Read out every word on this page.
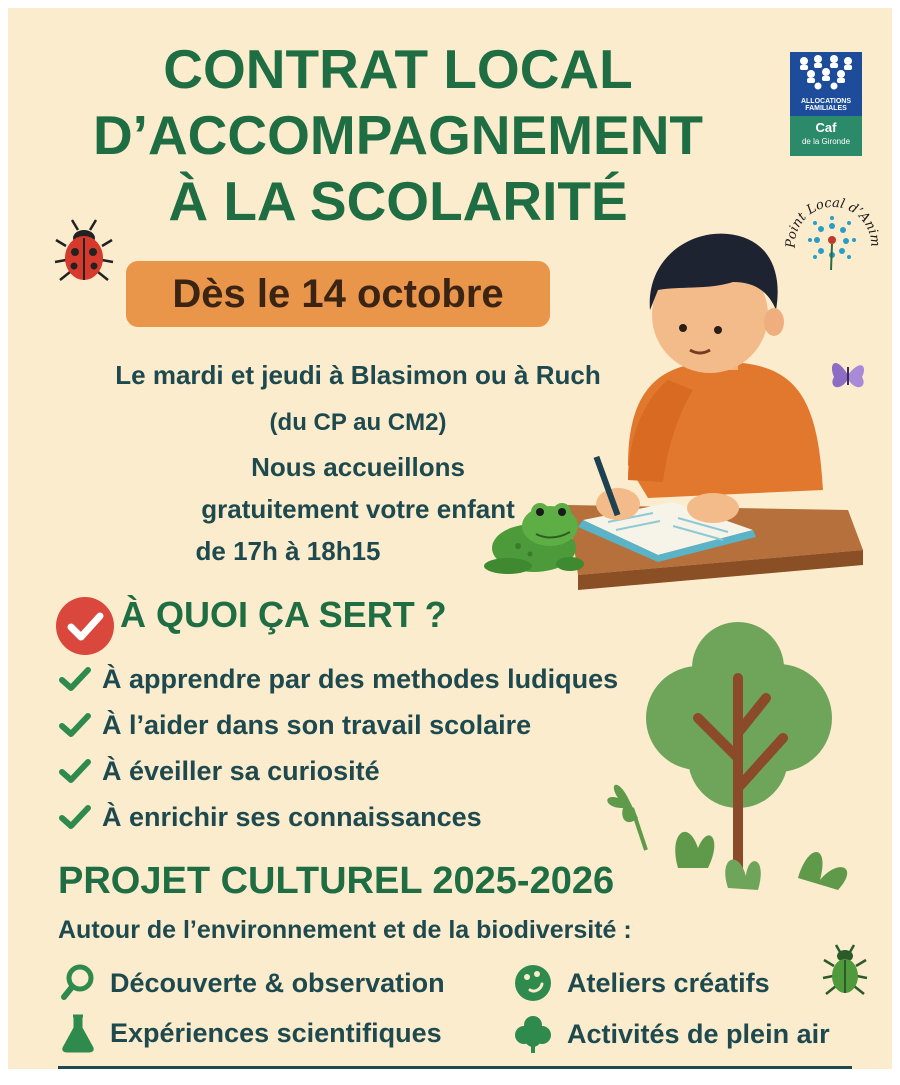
CONTRAT LOCAL
D’ACCOMPAGNEMENT
À LA SCOLARITÉ
ALLOCATIONS
FAMILIALES
Caf
de la Gironde
Point Local d’Anim
Dès le 14 octobre
Le mardi et jeudi à Blasimon ou à Ruch
(du CP au CM2)
Nous accueillons
gratuitement votre enfant
de 17h à 18h15
À QUOI ÇA SERT ?
À apprendre par des methodes ludiques
À l’aider dans son travail scolaire
À éveiller sa curiosité
À enrichir ses connaissances
PROJET CULTUREL 2025-2026
Autour de l’environnement et de la biodiversité :
Découverte & observation	Ateliers créatifs
Expériences scientifiques	Activités de plein air
